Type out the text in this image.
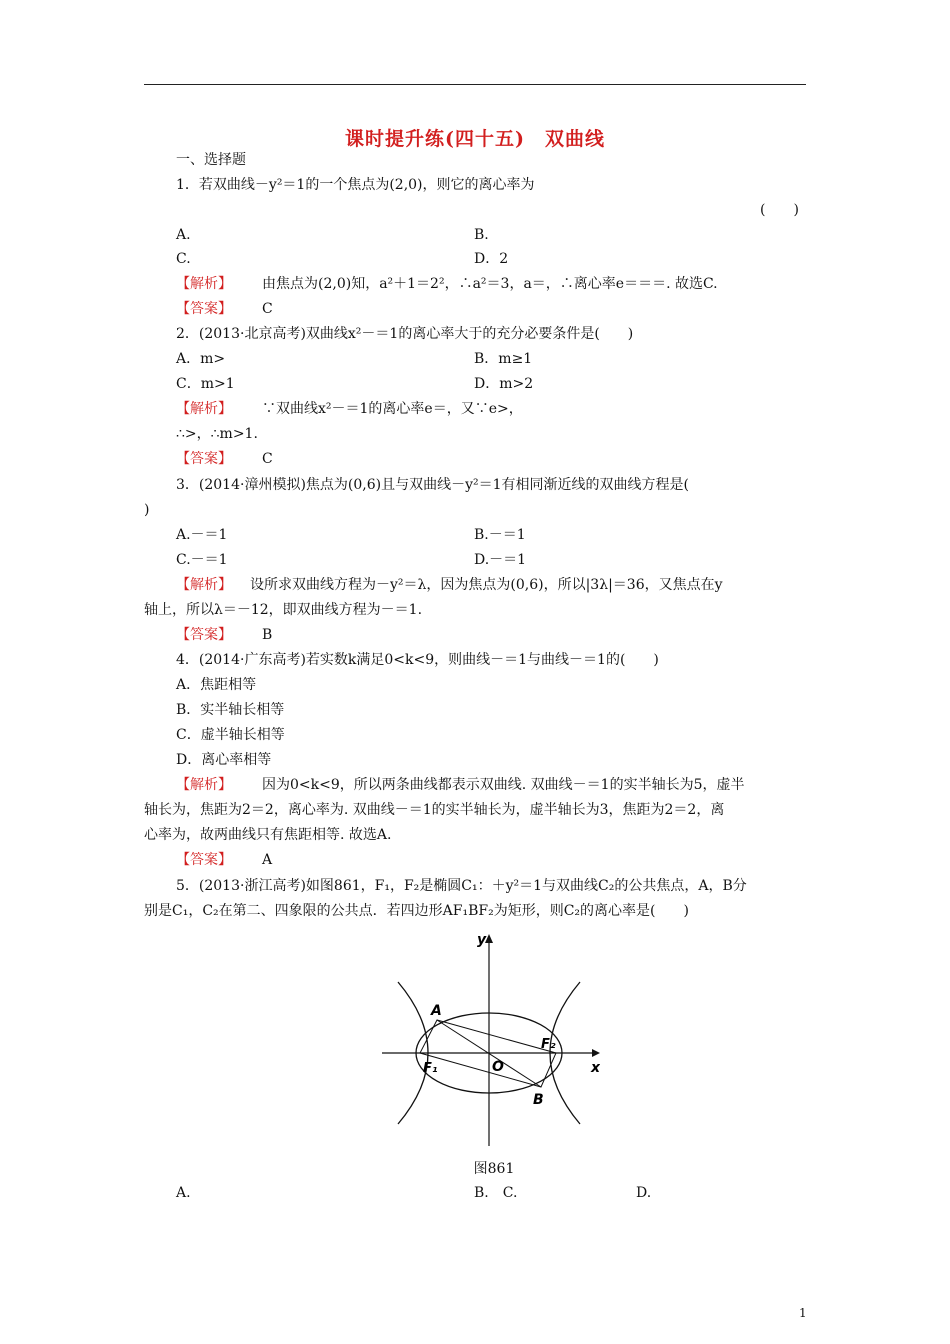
课时提升练(四十五)　双曲线
一、选择题
1．若双曲线－y²＝1的一个焦点为(2,0)，则它的离心率为
(　　)
A.	B.
C.	D．2
【解析】 由焦点为(2,0)知，a²＋1＝2²，∴a²＝3，a＝，∴离心率e＝＝＝. 故选C.
【答案】 C
2．(2013·北京高考)双曲线x²－＝1的离心率大于的充分必要条件是(　　)
A．m>	B．m≥1
C．m>1	D．m>2
【解析】 ∵双曲线x²－＝1的离心率e＝，又∵e>，
∴>，∴m>1.
【答案】 C
3．(2014·漳州模拟)焦点为(0,6)且与双曲线－y²＝1有相同渐近线的双曲线方程是(
)
A.－＝1	B.－＝1
C.－＝1	D.－＝1
【解析】 设所求双曲线方程为－y²＝λ，因为焦点为(0,6)，所以|3λ|＝36，又焦点在y
轴上，所以λ＝－12，即双曲线方程为－＝1.
【答案】 B
4．(2014·广东高考)若实数k满足0<k<9，则曲线－＝1与曲线－＝1的(　　)
A．焦距相等
B．实半轴长相等
C．虚半轴长相等
D．离心率相等
【解析】 因为0<k<9，所以两条曲线都表示双曲线. 双曲线－＝1的实半轴长为5，虚半
轴长为，焦距为2＝2，离心率为. 双曲线－＝1的实半轴长为，虚半轴长为3，焦距为2＝2，离
心率为，故两曲线只有焦距相等. 故选A.
【答案】 A
5．(2013·浙江高考)如图861，F₁，F₂是椭圆C₁：＋y²＝1与双曲线C₂的公共焦点，A，B分
别是C₁，C₂在第二、四象限的公共点．若四边形AF₁BF₂为矩形，则C₂的离心率是(　　)
y
x
A
B
O
F₁
F₂
图861
A.	B.　C.	D.
1
